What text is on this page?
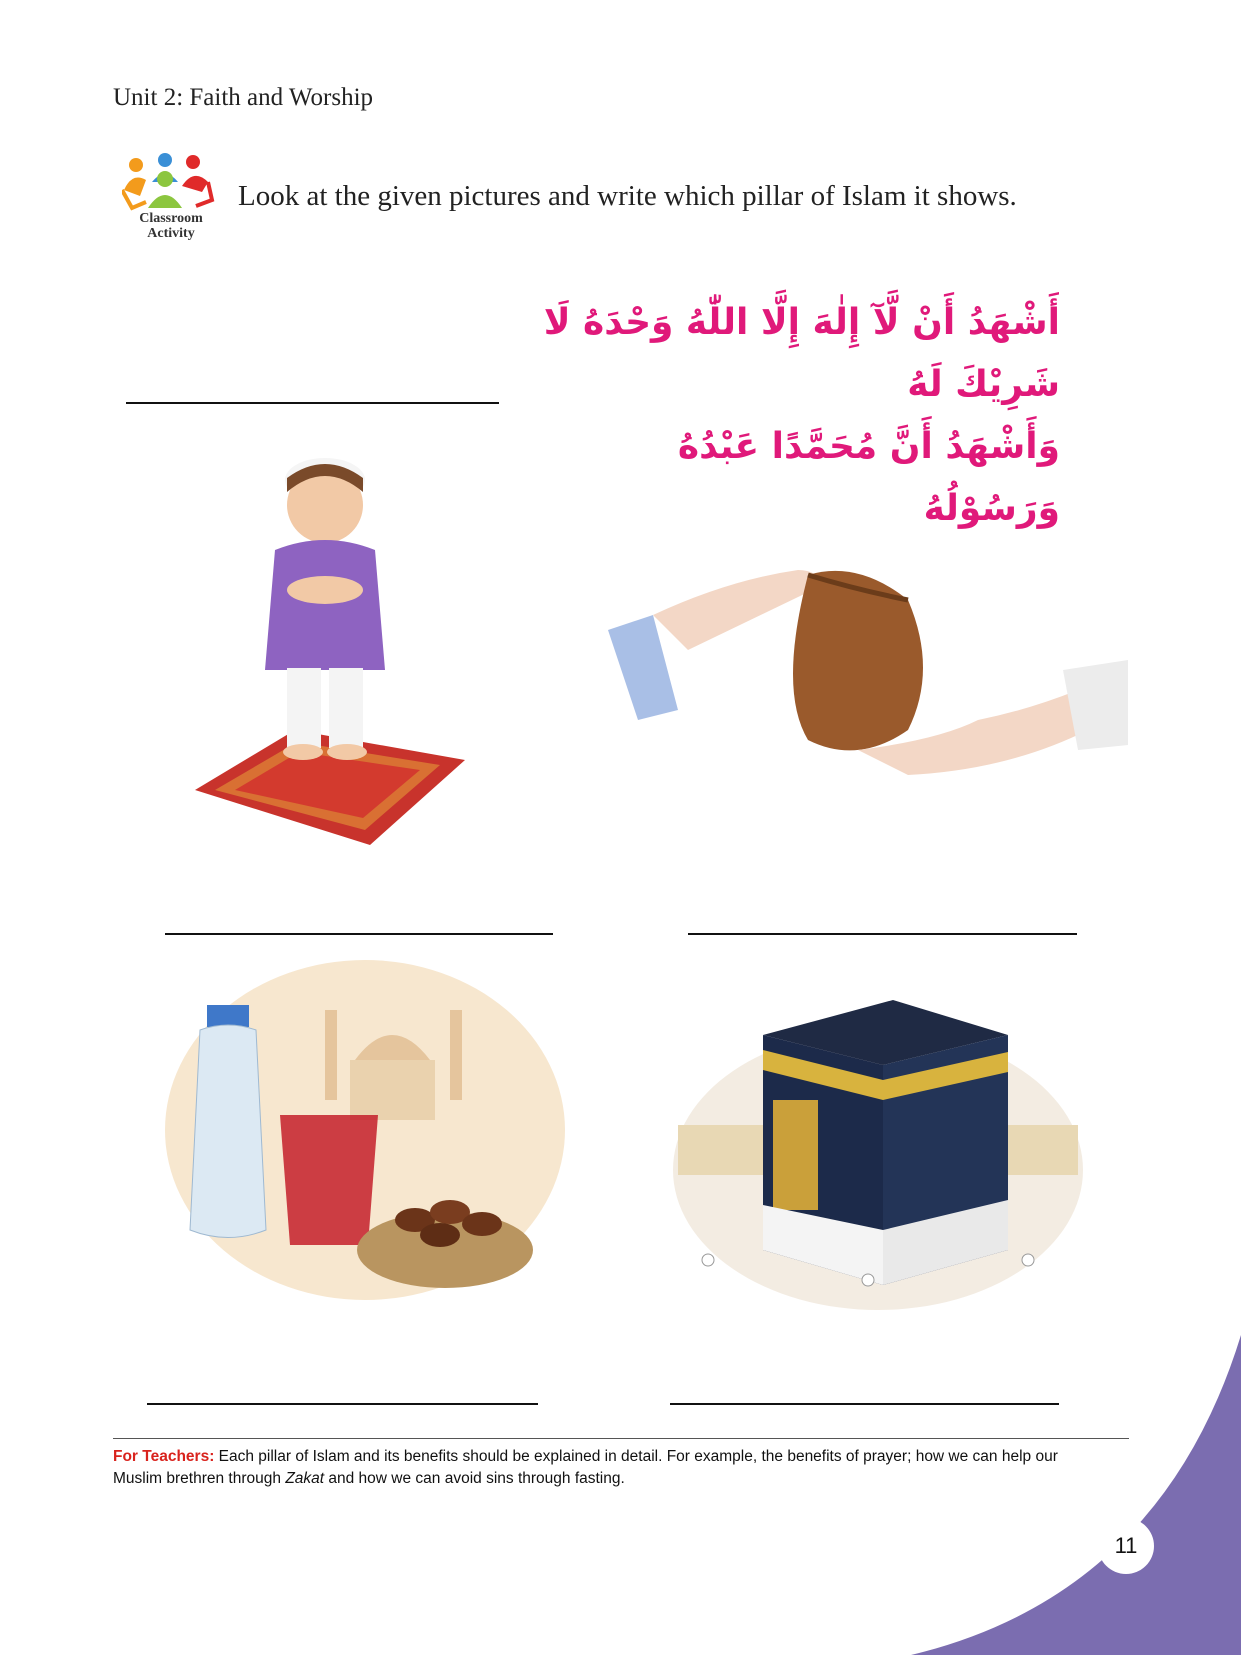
Unit 2: Faith and Worship
Classroom
Activity
Look at the given pictures and write which pillar of Islam it shows.
أَشْهَدُ أَنْ لَّآ إِلٰهَ إِلَّا اللّٰهُ وَحْدَهُ لَا شَرِيْكَ لَهُ
وَأَشْهَدُ أَنَّ مُحَمَّدًا عَبْدُهُ وَرَسُوْلُهُ
For Teachers: Each pillar of Islam and its benefits should be explained in detail. For example, the benefits of prayer; how we can help our Muslim brethren through Zakat and how we can avoid sins through fasting.
11
